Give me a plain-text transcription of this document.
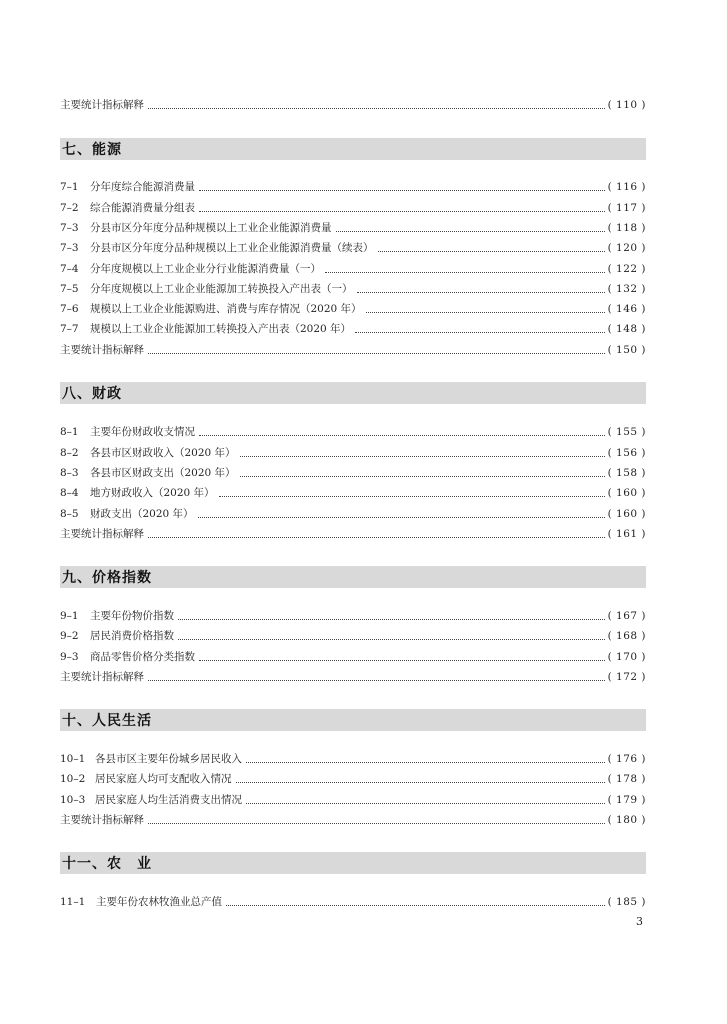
主要统计指标解释	( 110 )
七、能源
7–1	分年度综合能源消费量	( 116 )
7–2	综合能源消费量分组表	( 117 )
7–3	分县市区分年度分品种规模以上工业企业能源消费量	( 118 )
7–3	分县市区分年度分品种规模以上工业企业能源消费量（续表）	( 120 )
7–4	分年度规模以上工业企业分行业能源消费量（一）	( 122 )
7–5	分年度规模以上工业企业能源加工转换投入产出表（一）	( 132 )
7–6	规模以上工业企业能源购进、消费与库存情况（2020 年）	( 146 )
7–7	规模以上工业企业能源加工转换投入产出表（2020 年）	( 148 )
主要统计指标解释	( 150 )
八、财政
8–1	主要年份财政收支情况	( 155 )
8–2	各县市区财政收入（2020 年）	( 156 )
8–3	各县市区财政支出（2020 年）	( 158 )
8–4	地方财政收入（2020 年）	( 160 )
8–5	财政支出（2020 年）	( 160 )
主要统计指标解释	( 161 )
九、价格指数
9–1	主要年份物价指数	( 167 )
9–2	居民消费价格指数	( 168 )
9–3	商品零售价格分类指数	( 170 )
主要统计指标解释	( 172 )
十、人民生活
10–1 各县市区主要年份城乡居民收入	( 176 )
10–2 居民家庭人均可支配收入情况	( 178 )
10–3 居民家庭人均生活消费支出情况	( 179 )
主要统计指标解释	( 180 )
十一、农　业
11–1	主要年份农林牧渔业总产值	( 185 )
3
